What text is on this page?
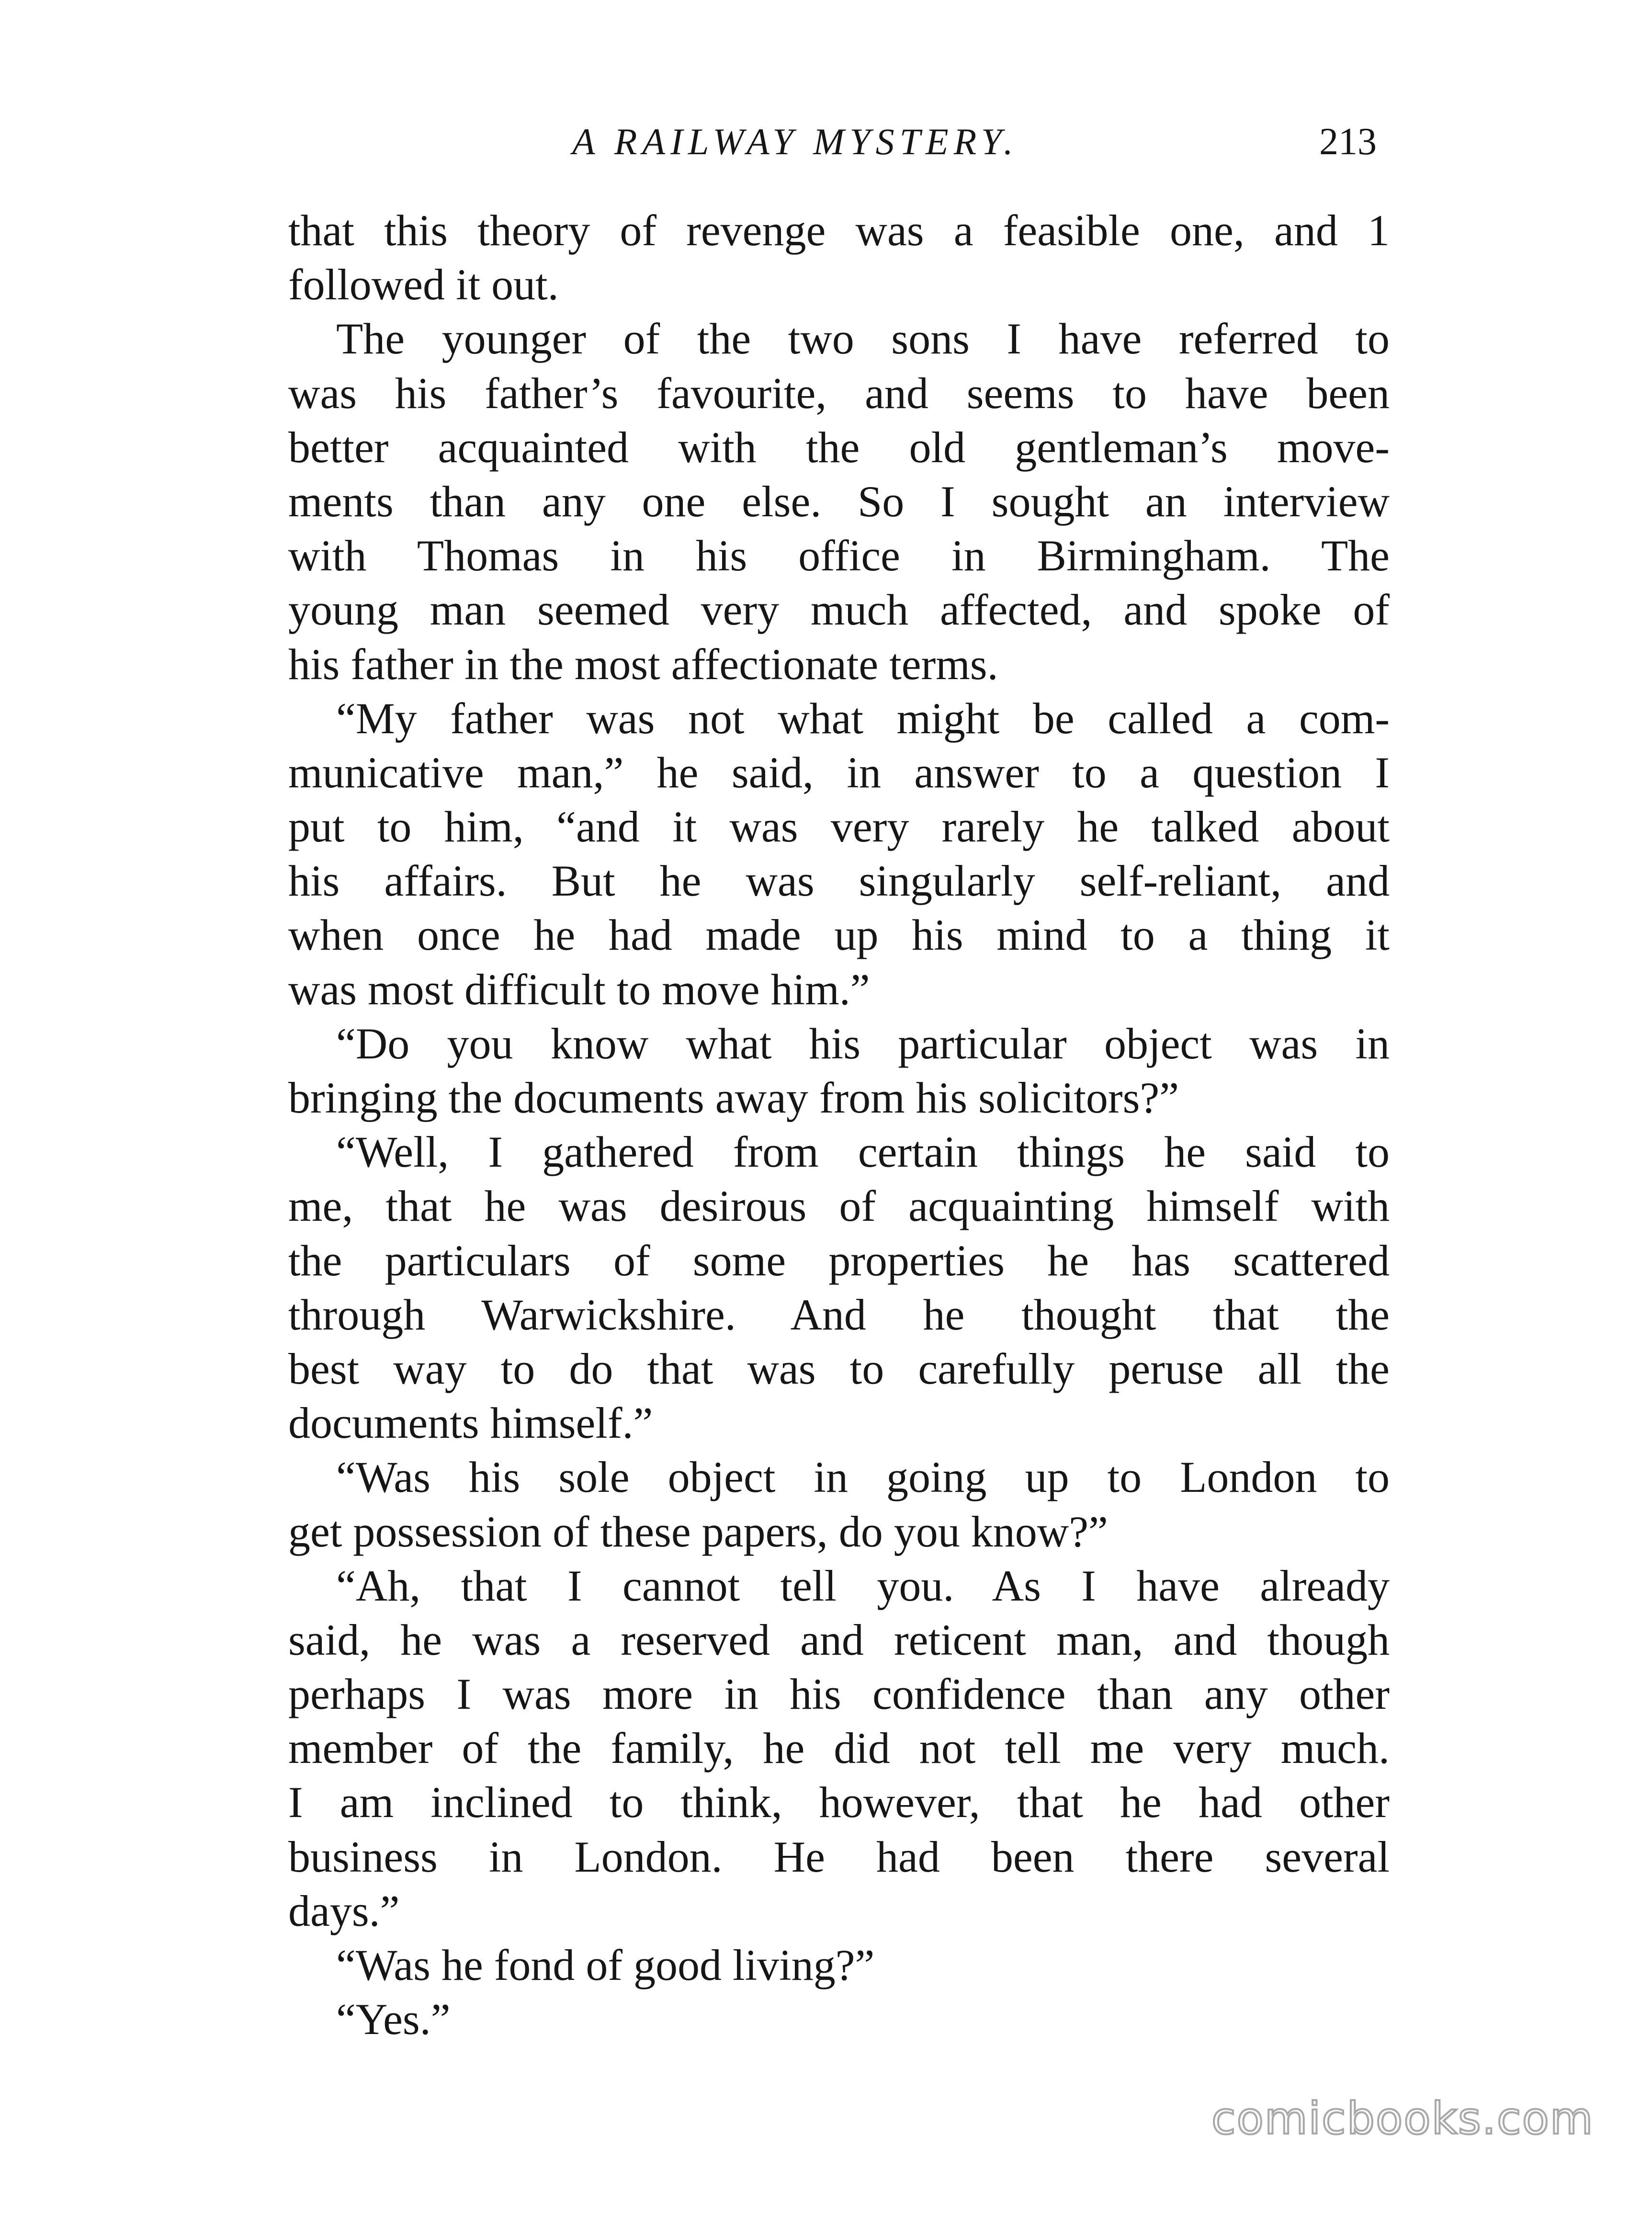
A RAILWAY MYSTERY.	213
that this theory of revenge was a feasible one, and 1
followed it out.
The younger of the two sons I have referred to
was his father’s favourite, and seems to have been
better acquainted with the old gentleman’s move-
ments than any one else. So I sought an interview
with Thomas in his office in Birmingham. The
young man seemed very much affected, and spoke of
his father in the most affectionate terms.
“My father was not what might be called a com-
municative man,” he said, in answer to a question I
put to him, “and it was very rarely he talked about
his affairs. But he was singularly self-reliant, and
when once he had made up his mind to a thing it
was most difficult to move him.”
“Do you know what his particular object was in
bringing the documents away from his solicitors?”
“Well, I gathered from certain things he said to
me, that he was desirous of acquainting himself with
the particulars of some properties he has scattered
through Warwickshire. And he thought that the
best way to do that was to carefully peruse all the
documents himself.”
“Was his sole object in going up to London to
get possession of these papers, do you know?”
“Ah, that I cannot tell you. As I have already
said, he was a reserved and reticent man, and though
perhaps I was more in his confidence than any other
member of the family, he did not tell me very much.
I am inclined to think, however, that he had other
business in London. He had been there several
days.”
“Was he fond of good living?”
“Yes.”
comicbooks.com
